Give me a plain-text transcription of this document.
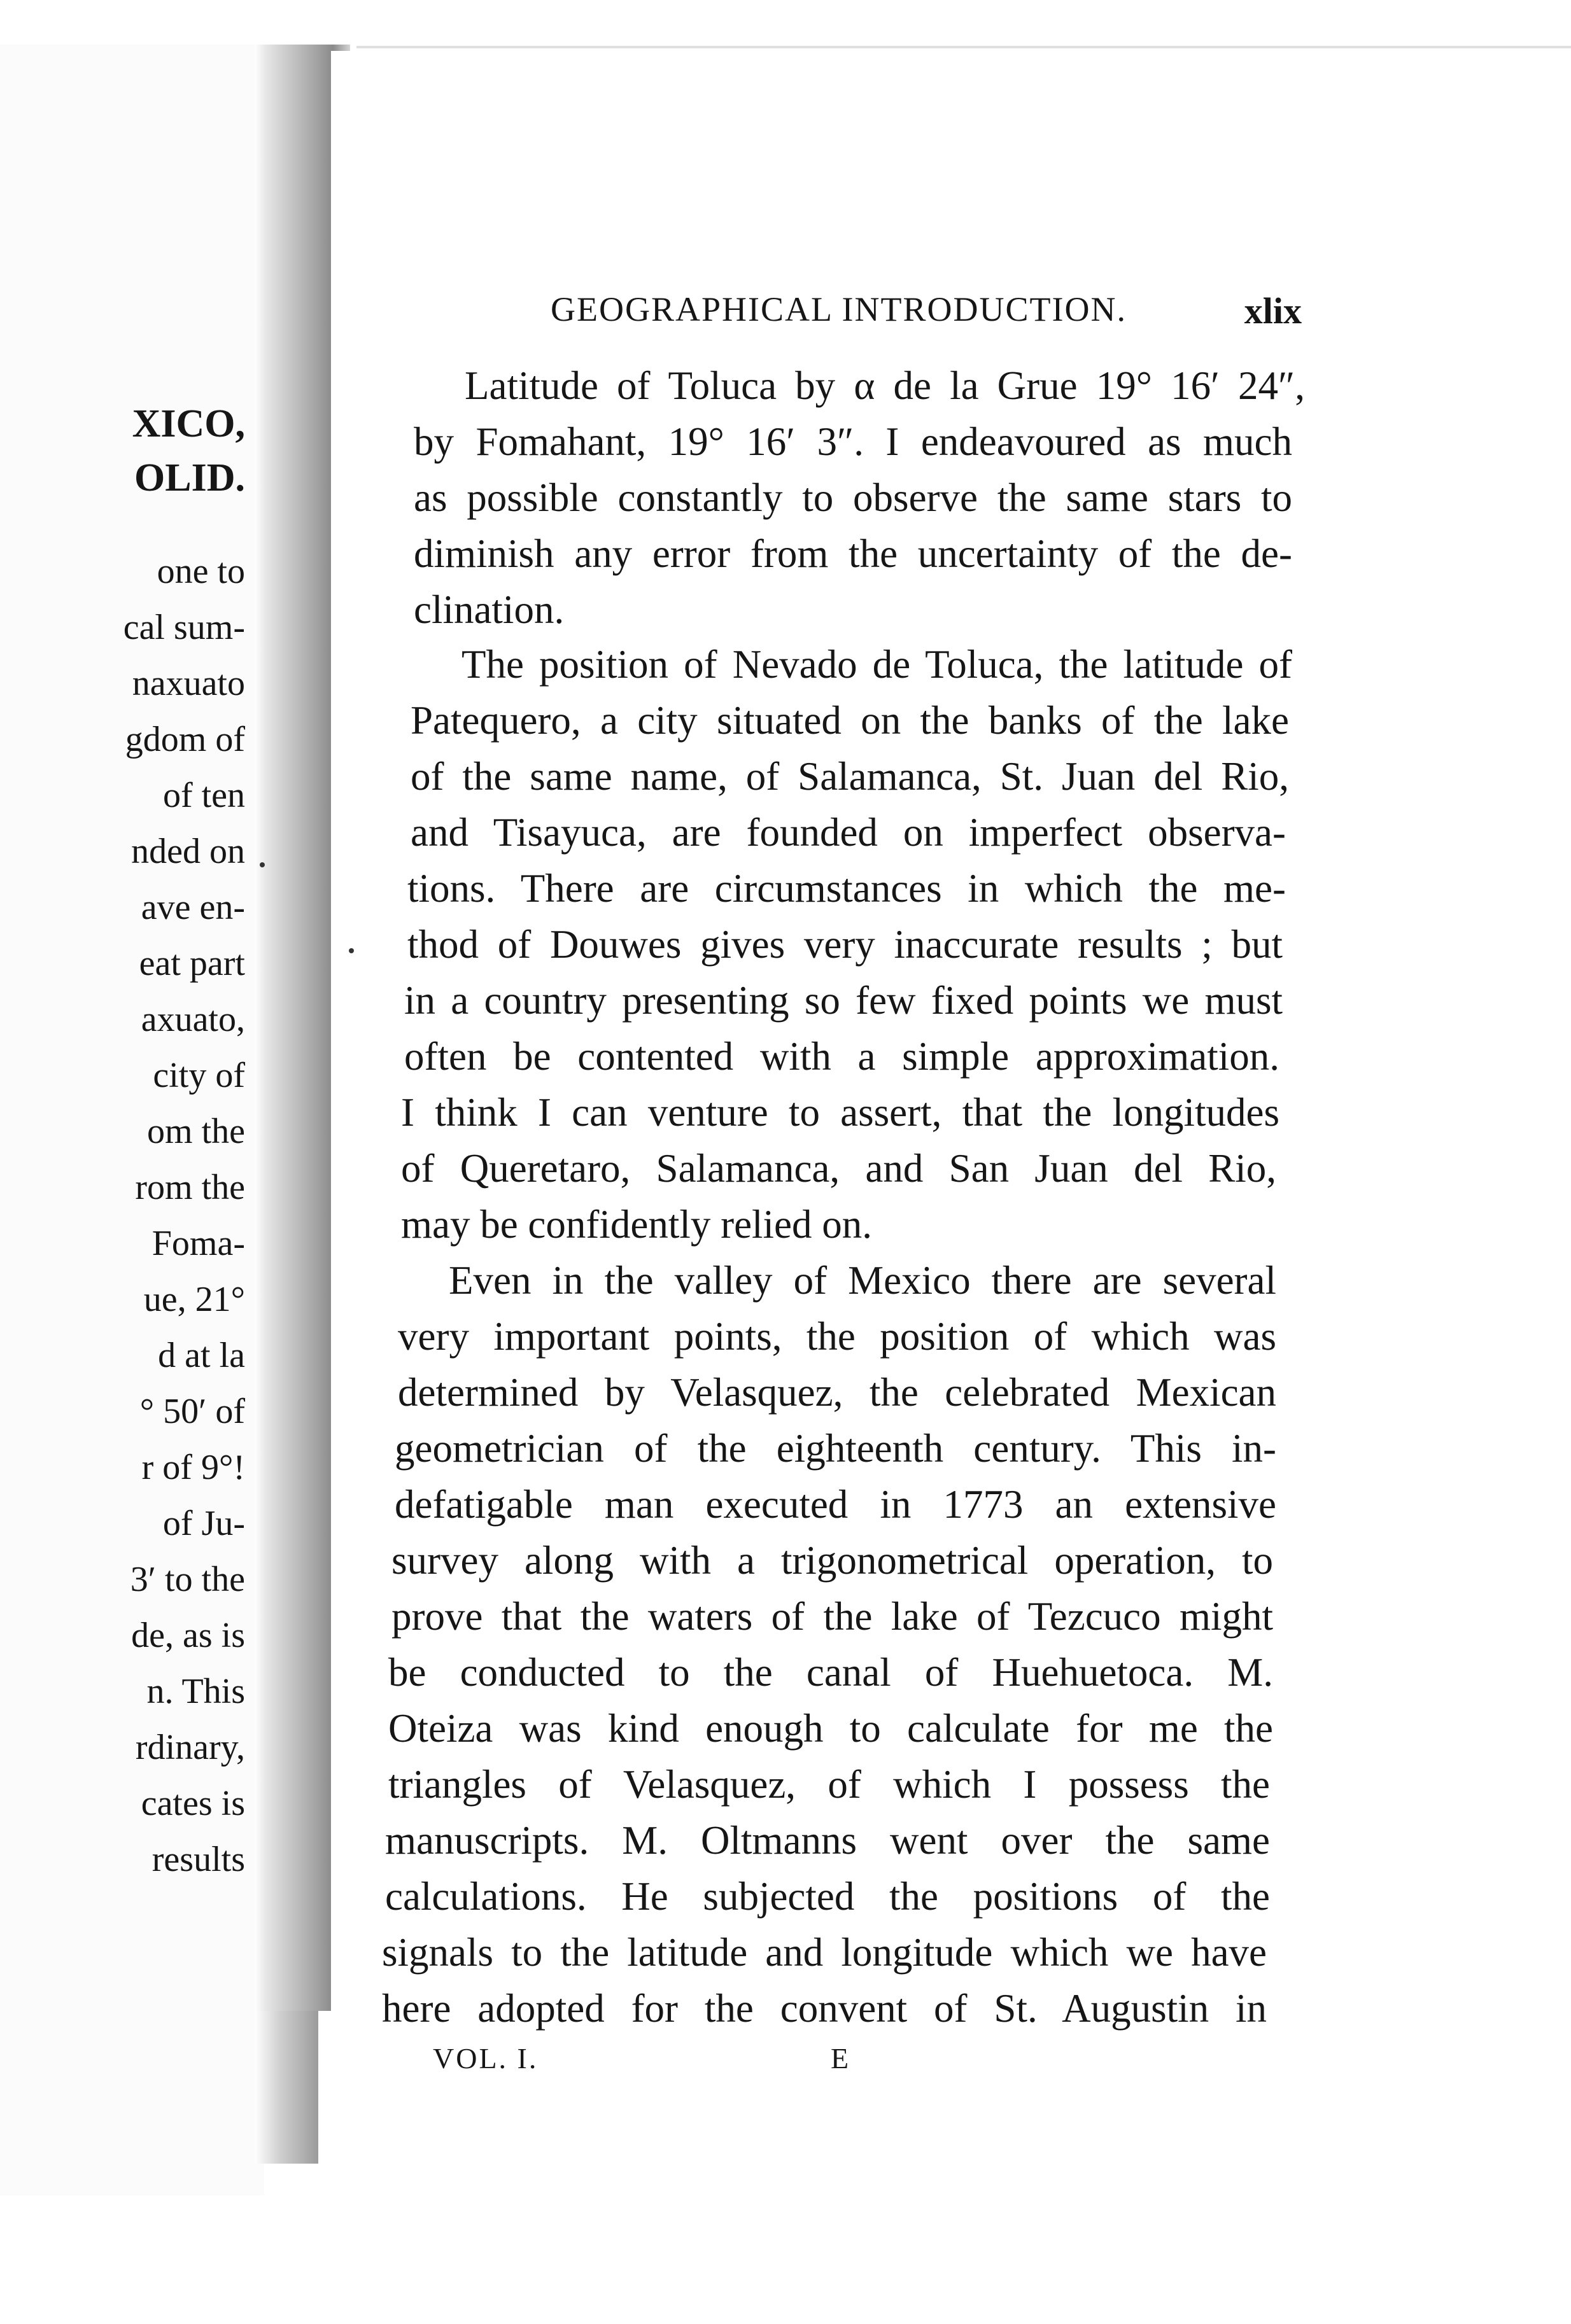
XICO,
OLID.
one to
cal sum-
naxuato
gdom of
of ten
nded on
ave en-
eat part
axuato,
city of
om the
rom the
Foma-
ue, 21°
d at la
° 50′ of
r of 9°!
of Ju-
3′ to the
de, as is
n. This
rdinary,
cates is
results
GEOGRAPHICAL INTRODUCTION.	xlix
Latitude of Toluca by α de la Grue 19° 16′ 24″,
by Fomahant, 19° 16′ 3″. I endeavoured as much
as possible constantly to observe the same stars to
diminish any error from the uncertainty of the de-
clination.
The position of Nevado de Toluca, the latitude of
Patequero, a city situated on the banks of the lake
of the same name, of Salamanca, St. Juan del Rio,
and Tisayuca, are founded on imperfect observa-
tions. There are circumstances in which the me-
thod of Douwes gives very inaccurate results ; but
in a country presenting so few fixed points we must
often be contented with a simple approximation.
I think I can venture to assert, that the longitudes
of Queretaro, Salamanca, and San Juan del Rio,
may be confidently relied on.
Even in the valley of Mexico there are several
very important points, the position of which was
determined by Velasquez, the celebrated Mexican
geometrician of the eighteenth century. This in-
defatigable man executed in 1773 an extensive
survey along with a trigonometrical operation, to
prove that the waters of the lake of Tezcuco might
be conducted to the canal of Huehuetoca. M.
Oteiza was kind enough to calculate for me the
triangles of Velasquez, of which I possess the
manuscripts. M. Oltmanns went over the same
calculations. He subjected the positions of the
signals to the latitude and longitude which we have
here adopted for the convent of St. Augustin in
VOL. I.	E
